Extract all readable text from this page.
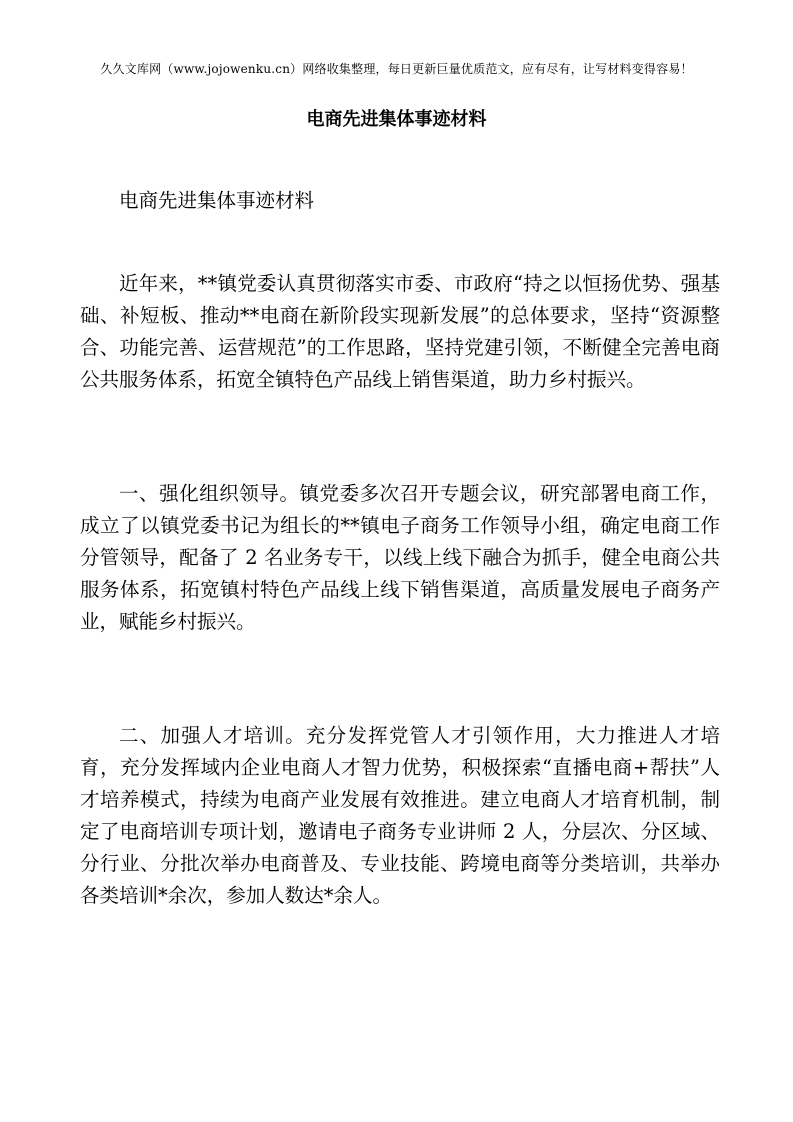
久久文库网（www.jojowenku.cn）网络收集整理，每日更新巨量优质范文，应有尽有，让写材料变得容易！
电商先进集体事迹材料

电商先进集体事迹材料

近年来，**镇党委认真贯彻落实市委、市政府“持之以恒扬优势、强基础、补短板、推动**电商在新阶段实现新发展”的总体要求，坚持“资源整合、功能完善、运营规范”的工作思路，坚持党建引领，不断健全完善电商公共服务体系，拓宽全镇特色产品线上销售渠道，助力乡村振兴。

一、强化组织领导。镇党委多次召开专题会议，研究部署电商工作，成立了以镇党委书记为组长的**镇电子商务工作领导小组，确定电商工作分管领导，配备了 2 名业务专干，以线上线下融合为抓手，健全电商公共服务体系，拓宽镇村特色产品线上线下销售渠道，高质量发展电子商务产业，赋能乡村振兴。

二、加强人才培训。充分发挥党管人才引领作用，大力推进人才培育，充分发挥域内企业电商人才智力优势，积极探索“直播电商+帮扶”人才培养模式，持续为电商产业发展有效推进。建立电商人才培育机制，制定了电商培训专项计划，邀请电子商务专业讲师 2 人，分层次、分区域、分行业、分批次举办电商普及、专业技能、跨境电商等分类培训，共举办各类培训*余次，参加人数达*余人。
